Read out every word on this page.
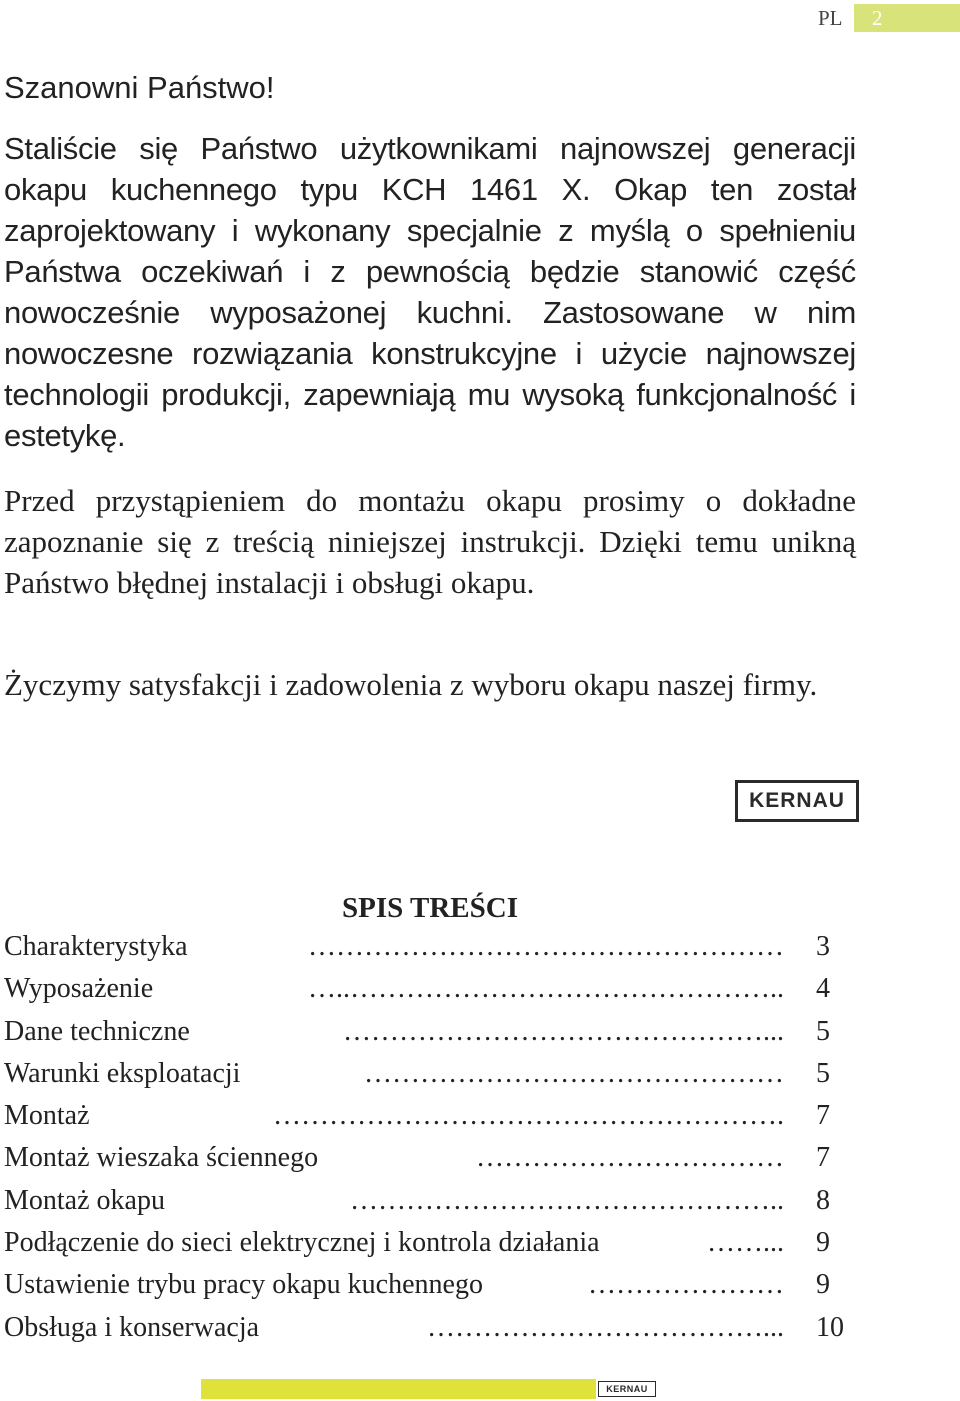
PL 2
Szanowni Państwo!
Staliście się Państwo użytkownikami najnowszej generacji okapu kuchennego typu KCH 1461 X. Okap ten został zaprojektowany i wykonany specjalnie z myślą o spełnieniu Państwa oczekiwań i z pewnością będzie stanowić część nowocześnie wyposażonej kuchni. Zastosowane w nim nowoczesne rozwiązania konstrukcyjne i użycie najnowszej technologii produkcji, zapewniają mu wysoką funkcjonalność i estetykę.
Przed przystąpieniem do montażu okapu prosimy o dokładne zapoznanie się z treścią niniejszej instrukcji. Dzięki temu unikną Państwo błędnej instalacji i obsługi okapu.
Życzymy satysfakcji i zadowolenia z wyboru okapu naszej firmy.
KERNAU
SPIS TREŚCI
……………………………………………
Charakterystyka	3
…..………………………………………..
Wyposażenie	4
………………………………………...
Dane techniczne	5
………………………………………
Warunki eksploatacji	5
……………………………………………….
Montaż	7
……………………………
Montaż wieszaka ściennego	7
………………………………………..
Montaż okapu	8
……...
Podłączenie do sieci elektrycznej i kontrola działania	9
…………………
Ustawienie trybu pracy okapu kuchennego	9
………………………………...
Obsługa i konserwacja	10
KERNAU
